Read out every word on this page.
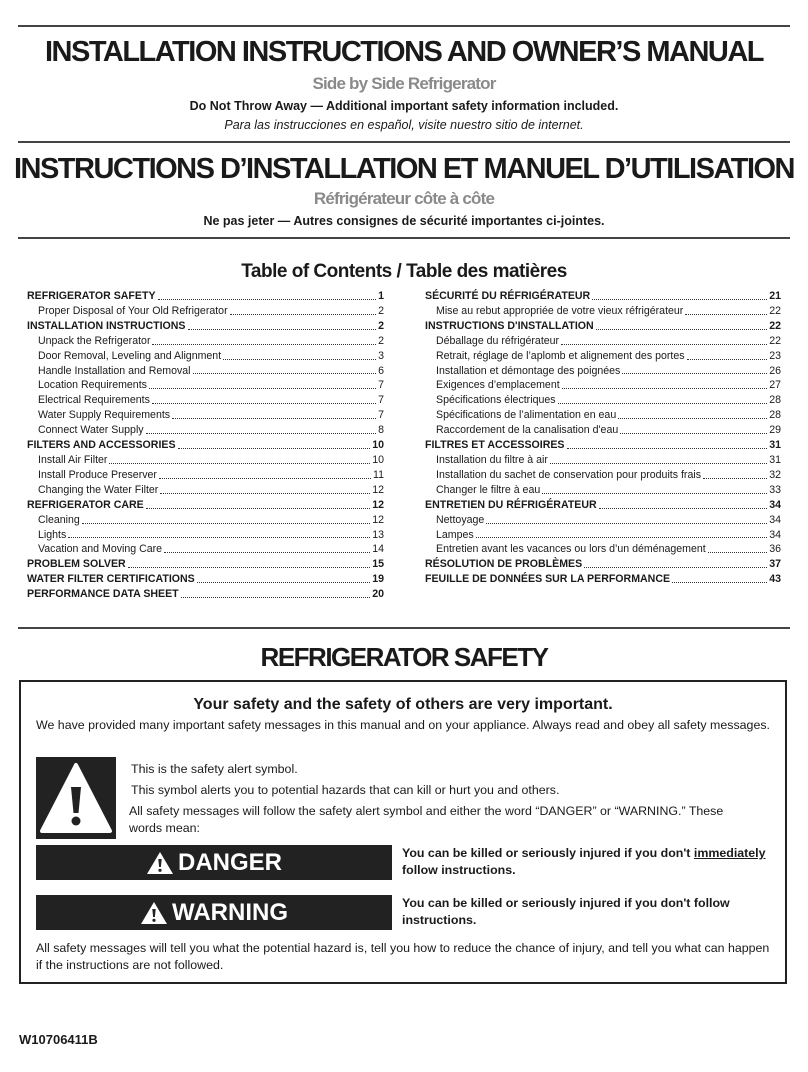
INSTALLATION INSTRUCTIONS AND OWNER’S MANUAL
Side by Side Refrigerator
Do Not Throw Away — Additional important safety information included.
Para las instrucciones en español, visite nuestro sitio de internet.
INSTRUCTIONS D’INSTALLATION ET MANUEL D’UTILISATION
Réfrigérateur côte à côte
Ne pas jeter — Autres consignes de sécurité importantes ci-jointes.
Table of Contents / Table des matières
REFRIGERATOR SAFETY	1
Proper Disposal of Your Old Refrigerator	2
INSTALLATION INSTRUCTIONS	2
Unpack the Refrigerator	2
Door Removal, Leveling and Alignment	3
Handle Installation and Removal	6
Location Requirements	7
Electrical Requirements	7
Water Supply Requirements	7
Connect Water Supply	8
FILTERS AND ACCESSORIES	10
Install Air Filter	10
Install Produce Preserver	11
Changing the Water Filter	12
REFRIGERATOR CARE	12
Cleaning	12
Lights	13
Vacation and Moving Care	14
PROBLEM SOLVER	15
WATER FILTER CERTIFICATIONS	19
PERFORMANCE DATA SHEET	20
SÉCURITÉ DU RÉFRIGÉRATEUR	21
Mise au rebut appropriée de votre vieux réfrigérateur	22
INSTRUCTIONS D'INSTALLATION	22
Déballage du réfrigérateur	22
Retrait, réglage de l’aplomb et alignement des portes	23
Installation et démontage des poignées	26
Exigences d’emplacement	27
Spécifications électriques	28
Spécifications de l’alimentation en eau	28
Raccordement de la canalisation d'eau	29
FILTRES ET ACCESSOIRES	31
Installation du filtre à air	31
Installation du sachet de conservation pour produits frais	32
Changer le filtre à eau	33
ENTRETIEN DU RÉFRIGÉRATEUR	34
Nettoyage	34
Lampes	34
Entretien avant les vacances ou lors d’un déménagement	36
RÉSOLUTION DE PROBLÈMES	37
FEUILLE DE DONNÉES SUR LA PERFORMANCE	43
REFRIGERATOR SAFETY
Your safety and the safety of others are very important.
We have provided many important safety messages in this manual and on your appliance. Always read and obey all safety messages.
This is the safety alert symbol.
This symbol alerts you to potential hazards that can kill or hurt you and others.
All safety messages will follow the safety alert symbol and either the word “DANGER” or “WARNING.” These words mean:
DANGER	You can be killed or seriously injured if you don't immediately
follow instructions.
WARNING	You can be killed or seriously injured if you don't follow instructions.
All safety messages will tell you what the potential hazard is, tell you how to reduce the chance of injury, and tell you what can happen if the instructions are not followed.
W10706411B
